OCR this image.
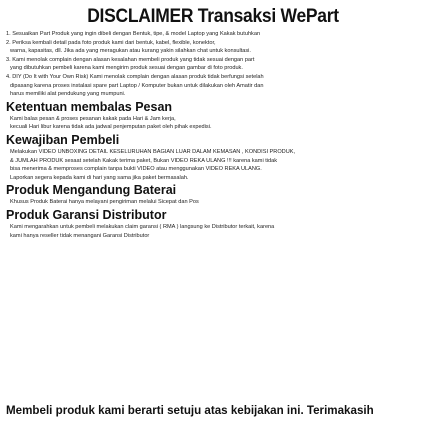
DISCLAIMER Transaksi WePart

1. Sesuaikan Part Produk yang ingin dibeli dengan Bentuk, tipe, & model Laptop yang Kakak butuhkan

2. Periksa kembali detail pada foto produk kami dari bentuk, kabel, flexible, konektor,

warna, kapasitas, dll. Jika ada yang meragukan atau kurang yakin silahkan chat untuk konsultasi.

3. Kami menolak complain dengan alasan kesalahan membeli produk yang tidak sesuai dengan part

yang dibutuhkan pembeli karena kami mengirim produk sesuai dengan gambar di foto produk.

4. DIY (Do It with Your Own Risk) Kami menolak complain dengan alasan produk tidak berfungsi setelah

dipasang karena proses instalasi spare part Laptop / Komputer bukan untuk dilakukan oleh Amatir dan

harus memiliki alat pendukung yang mumpuni.

Ketentuan membalas Pesan

Kami balas pesan & proses pesanan kakak pada Hari & Jam kerja,

kecuali Hari libur karena tidak ada jadwal penjemputan paket oleh pihak expedisi.

Kewajiban Pembeli

Melakukan VIDEO UNBOXING DETAIL KESELURUHAN BAGIAN LUAR DALAM KEMASAN , KONDISI PRODUK,

& JUMLAH PRODUK sesaat setelah Kakak terima paket, Bukan VIDEO REKA ULANG !!! karena kami tidak

bisa menerima & memproses complain tanpa bukti VIDEO atau menggunakan VIDEO REKA ULANG.

Laporkan segera kepada kami di hari yang sama jika paket bermasalah.

Produk Mengandung Baterai

Khusus Produk Baterai hanya melayani pengiriman melalui Sicepat dan Pos

Produk Garansi Distributor

Kami mengarahkan untuk pembeli melakukan claim garansi ( RMA ) langsung ke Distributor terkait, karena

kami hanya reseller tidak menangani Garansi Distributor

Membeli produk kami berarti setuju atas kebijakan ini. Terimakasih
